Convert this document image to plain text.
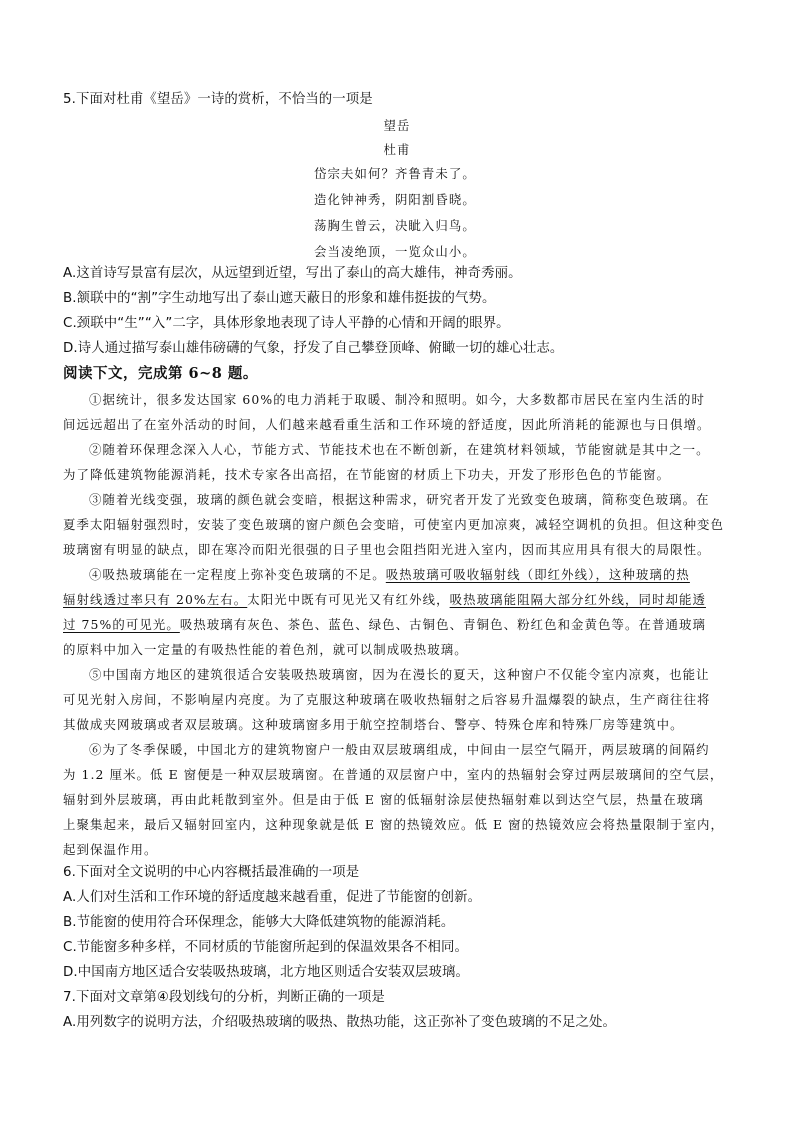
5.下面对杜甫《望岳》一诗的赏析，不恰当的一项是
望岳
杜甫
岱宗夫如何？齐鲁青未了。
造化钟神秀，阴阳割昏晓。
荡胸生曾云，决眦入归鸟。
会当凌绝顶，一览众山小。
A.这首诗写景富有层次，从远望到近望，写出了泰山的高大雄伟，神奇秀丽。
B.颔联中的“割”字生动地写出了泰山遮天蔽日的形象和雄伟挺拔的气势。
C.颈联中“生”“入”二字，具体形象地表现了诗人平静的心情和开阔的眼界。
D.诗人通过描写泰山雄伟磅礴的气象，抒发了自己攀登顶峰、俯瞰一切的雄心壮志。
阅读下文，完成第 6~8 题。
①据统计，很多发达国家 60%的电力消耗于取暖、制冷和照明。如今，大多数都市居民在室内生活的时
间远远超出了在室外活动的时间，人们越来越看重生活和工作环境的舒适度，因此所消耗的能源也与日俱增。
②随着环保理念深入人心，节能方式、节能技术也在不断创新，在建筑材料领域，节能窗就是其中之一。
为了降低建筑物能源消耗，技术专家各出高招，在节能窗的材质上下功夫，开发了形形色色的节能窗。
③随着光线变强，玻璃的颜色就会变暗，根据这种需求，研究者开发了光致变色玻璃，简称变色玻璃。在
夏季太阳辐射强烈时，安装了变色玻璃的窗户颜色会变暗，可使室内更加凉爽，减轻空调机的负担。但这种变色
玻璃窗有明显的缺点，即在寒冷而阳光很强的日子里也会阻挡阳光进入室内，因而其应用具有很大的局限性。
④吸热玻璃能在一定程度上弥补变色玻璃的不足。吸热玻璃可吸收辐射线（即红外线），这种玻璃的热
辐射线透过率只有 20%左右。太阳光中既有可见光又有红外线，吸热玻璃能阻隔大部分红外线，同时却能透
过 75%的可见光。吸热玻璃有灰色、茶色、蓝色、绿色、古铜色、青铜色、粉红色和金黄色等。在普通玻璃
的原料中加入一定量的有吸热性能的着色剂，就可以制成吸热玻璃。
⑤中国南方地区的建筑很适合安装吸热玻璃窗，因为在漫长的夏天，这种窗户不仅能令室内凉爽，也能让
可见光射入房间，不影响屋内亮度。为了克服这种玻璃在吸收热辐射之后容易升温爆裂的缺点，生产商往往将
其做成夹网玻璃或者双层玻璃。这种玻璃窗多用于航空控制塔台、警亭、特殊仓库和特殊厂房等建筑中。
⑥为了冬季保暖，中国北方的建筑物窗户一般由双层玻璃组成，中间由一层空气隔开，两层玻璃的间隔约
为 1.2 厘米。低 E 窗便是一种双层玻璃窗。在普通的双层窗户中，室内的热辐射会穿过两层玻璃间的空气层，
辐射到外层玻璃，再由此耗散到室外。但是由于低 E 窗的低辐射涂层使热辐射难以到达空气层，热量在玻璃
上聚集起来，最后又辐射回室内，这种现象就是低 E 窗的热镜效应。低 E 窗的热镜效应会将热量限制于室内，
起到保温作用。
6.下面对全文说明的中心内容概括最准确的一项是
A.人们对生活和工作环境的舒适度越来越看重，促进了节能窗的创新。
B.节能窗的使用符合环保理念，能够大大降低建筑物的能源消耗。
C.节能窗多种多样，不同材质的节能窗所起到的保温效果各不相同。
D.中国南方地区适合安装吸热玻璃，北方地区则适合安装双层玻璃。
7.下面对文章第④段划线句的分析，判断正确的一项是
A.用列数字的说明方法，介绍吸热玻璃的吸热、散热功能，这正弥补了变色玻璃的不足之处。
